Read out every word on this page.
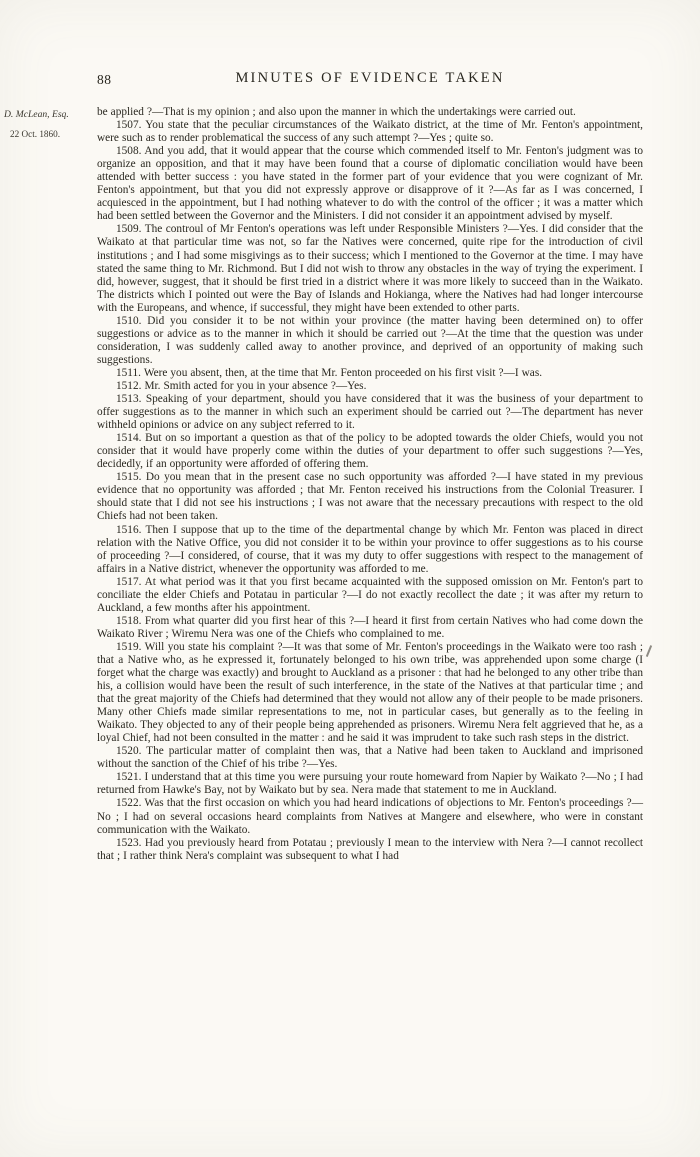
88	MINUTES OF EVIDENCE TAKEN
D. McLean, Esq.
22 Oct. 1860.

be applied ?—That is my opinion ; and also upon the manner in which the undertakings were carried out.

1507. You state that the peculiar circumstances of the Waikato district, at the time of Mr. Fenton's appointment, were such as to render problematical the success of any such attempt ?—Yes ; quite so.

1508. And you add, that it would appear that the course which commended itself to Mr. Fenton's judgment was to organize an opposition, and that it may have been found that a course of diplomatic conciliation would have been attended with better success : you have stated in the former part of your evidence that you were cognizant of Mr. Fenton's appointment, but that you did not expressly approve or disapprove of it ?—As far as I was concerned, I acquiesced in the appointment, but I had nothing whatever to do with the control of the officer ; it was a matter which had been settled between the Governor and the Ministers. I did not consider it an appointment advised by myself.

1509. The controul of Mr Fenton's operations was left under Responsible Ministers ?—Yes. I did consider that the Waikato at that particular time was not, so far the Natives were concerned, quite ripe for the introduction of civil institutions ; and I had some misgivings as to their success; which I mentioned to the Governor at the time. I may have stated the same thing to Mr. Richmond. But I did not wish to throw any obstacles in the way of trying the experiment. I did, however, suggest, that it should be first tried in a district where it was more likely to succeed than in the Waikato. The districts which I pointed out were the Bay of Islands and Hokianga, where the Natives had had longer intercourse with the Europeans, and whence, if successful, they might have been extended to other parts.

1510. Did you consider it to be not within your province (the matter having been determined on) to offer suggestions or advice as to the manner in which it should be carried out ?—At the time that the question was under consideration, I was suddenly called away to another province, and deprived of an opportunity of making such suggestions.

1511. Were you absent, then, at the time that Mr. Fenton proceeded on his first visit ?—I was.

1512. Mr. Smith acted for you in your absence ?—Yes.

1513. Speaking of your department, should you have considered that it was the business of your department to offer suggestions as to the manner in which such an experiment should be carried out ?—The department has never withheld opinions or advice on any subject referred to it.

1514. But on so important a question as that of the policy to be adopted towards the older Chiefs, would you not consider that it would have properly come within the duties of your department to offer such suggestions ?—Yes, decidedly, if an opportunity were afforded of offering them.

1515. Do you mean that in the present case no such opportunity was afforded ?—I have stated in my previous evidence that no opportunity was afforded ; that Mr. Fenton received his instructions from the Colonial Treasurer. I should state that I did not see his instructions ; I was not aware that the necessary precautions with respect to the old Chiefs had not been taken.

1516. Then I suppose that up to the time of the departmental change by which Mr. Fenton was placed in direct relation with the Native Office, you did not consider it to be within your province to offer suggestions as to his course of proceeding ?—I considered, of course, that it was my duty to offer suggestions with respect to the management of affairs in a Native district, whenever the opportunity was afforded to me.

1517. At what period was it that you first became acquainted with the supposed omission on Mr. Fenton's part to conciliate the elder Chiefs and Potatau in particular ?—I do not exactly recollect the date ; it was after my return to Auckland, a few months after his appointment.

1518. From what quarter did you first hear of this ?—I heard it first from certain Natives who had come down the Waikato River ; Wiremu Nera was one of the Chiefs who complained to me.

1519. Will you state his complaint ?—It was that some of Mr. Fenton's proceedings in the Waikato were too rash ; that a Native who, as he expressed it, fortunately belonged to his own tribe, was apprehended upon some charge (I forget what the charge was exactly) and brought to Auckland as a prisoner : that had he belonged to any other tribe than his, a collision would have been the result of such interference, in the state of the Natives at that particular time ; and that the great majority of the Chiefs had determined that they would not allow any of their people to be made prisoners. Many other Chiefs made similar representations to me, not in particular cases, but generally as to the feeling in Waikato. They objected to any of their people being apprehended as prisoners. Wiremu Nera felt aggrieved that he, as a loyal Chief, had not been consulted in the matter : and he said it was imprudent to take such rash steps in the district.

1520. The particular matter of complaint then was, that a Native had been taken to Auckland and imprisoned without the sanction of the Chief of his tribe ?—Yes.

1521. I understand that at this time you were pursuing your route homeward from Napier by Waikato ?—No ; I had returned from Hawke's Bay, not by Waikato but by sea. Nera made that statement to me in Auckland.

1522. Was that the first occasion on which you had heard indications of objections to Mr. Fenton's proceedings ?—No ; I had on several occasions heard complaints from Natives at Mangere and elsewhere, who were in constant communication with the Waikato.

1523. Had you previously heard from Potatau ; previously I mean to the interview with Nera ?—I cannot recollect that ; I rather think Nera's complaint was subsequent to what I had
